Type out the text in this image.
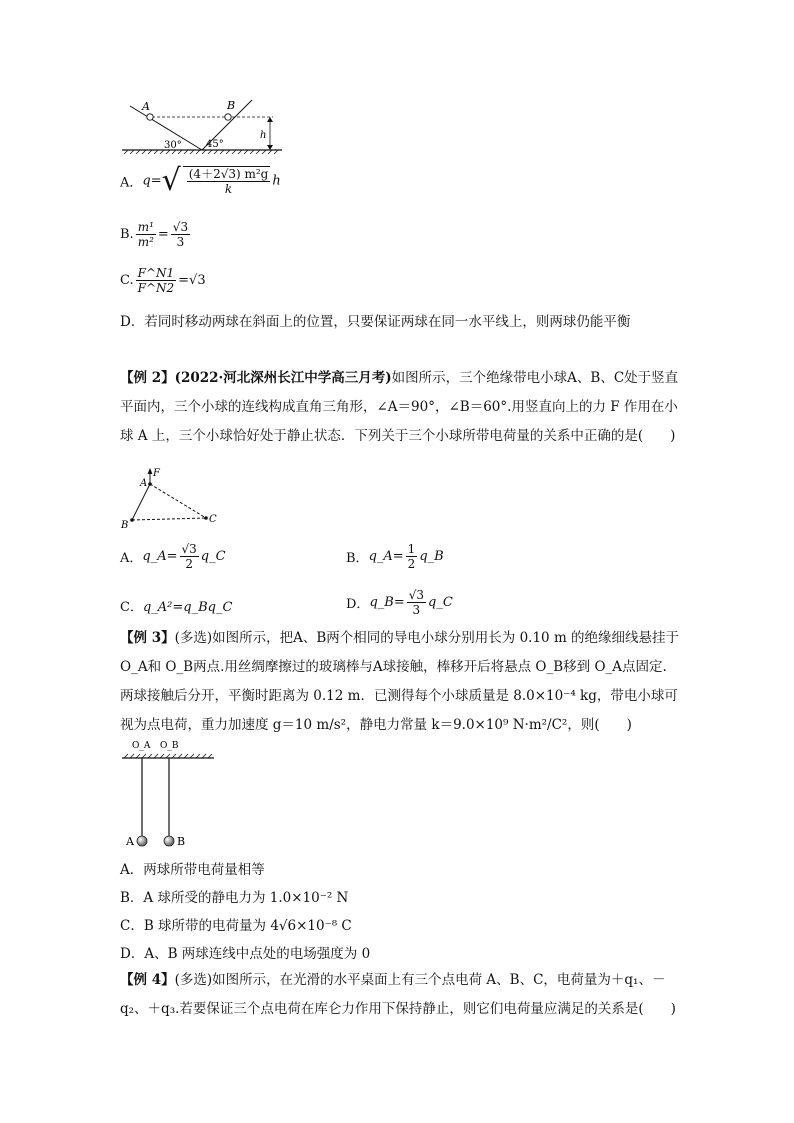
A	B
h
30° 45°
A．$q=√ \frac{\text{(4＋2√3) m²g}}{k}$ h
B. $\frac{\text{m¹}}{\text{m²}} = \frac{√3}{3}$
C. $\frac{F\^{}N1}{F\^{}N2} =√3$
D．若同时移动两球在斜面上的位置，只要保证两球在同一水平线上，则两球仍能平衡
【例 2】(2022·河北深州长江中学高三月考)如图所示，三个绝缘带电小球A、B、C处于竖直平面内，三个小球的连线构成直角三角形，∠A＝90°，∠B＝60°.用竖直向上的力 F 作用在小球 A 上，三个小球恰好处于静止状态．下列关于三个小球所带电荷量的关系中正确的是(　　)
F
A
B
C
A．q_A= $\frac{√3}{2}$ q_C	B．q_A= $\frac{1}{2}$ q_B
C．q_A²=q_Bq_C	D．q_B= $\frac{√3}{3}$ q_C
【例 3】(多选)如图所示，把A、B两个相同的导电小球分别用长为 0.10 m 的绝缘细线悬挂于 O_A和 O_B两点.用丝绸摩擦过的玻璃棒与A球接触，棒移开后将悬点 O_B移到 O_A点固定.两球接触后分开，平衡时距离为 0.12 m．已测得每个小球质量是 8.0×10⁻⁴ kg，带电小球可视为点电荷，重力加速度 g＝10 m/s²，静电力常量 k＝9.0×10⁹ N·m²/C²，则(　　)
O_A O_B
A	B
A．两球所带电荷量相等
B．A 球所受的静电力为 1.0×10⁻² N
C．B 球所带的电荷量为 4√6×10⁻⁸ C
D．A、B 两球连线中点处的电场强度为 0
【例 4】(多选)如图所示，在光滑的水平桌面上有三个点电荷 A、B、C，电荷量为＋q₁、－q₂、＋q₃.若要保证三个点电荷在库仑力作用下保持静止，则它们电荷量应满足的关系是(　　)
